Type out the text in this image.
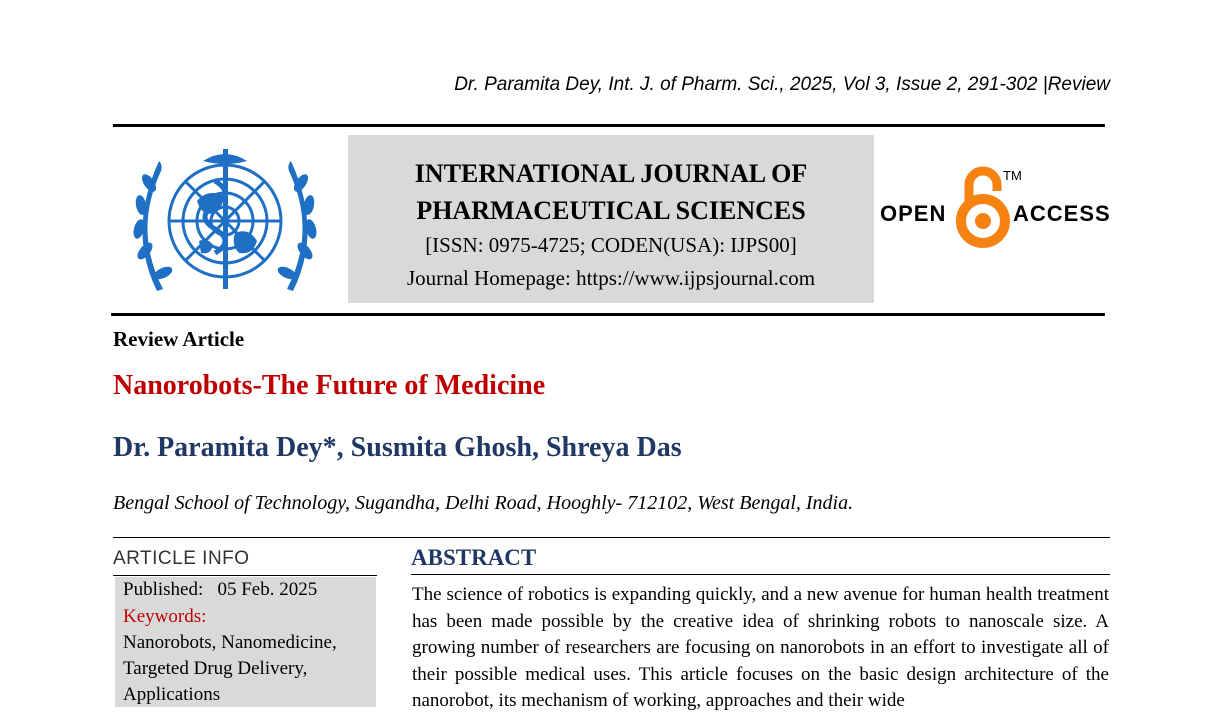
Dr. Paramita Dey, Int. J. of Pharm. Sci., 2025, Vol 3, Issue 2, 291-302 |Review
INTERNATIONAL JOURNAL OF
PHARMACEUTICAL SCIENCES
[ISSN: 0975-4725; CODEN(USA): IJPS00]
Journal Homepage: https://www.ijpsjournal.com
OPEN
TM
ACCESS
Review Article
Nanorobots-The Future of Medicine
Dr. Paramita Dey*, Susmita Ghosh, Shreya Das
Bengal School of Technology, Sugandha, Delhi Road, Hooghly- 712102, West Bengal, India.
ARTICLE INFO
Published: 05 Feb. 2025
Keywords:
Nanorobots, Nanomedicine,
Targeted Drug Delivery,
Applications
ABSTRACT
The science of robotics is expanding quickly, and a new avenue for human health treatment has been made possible by the creative idea of shrinking robots to nanoscale size. A growing number of researchers are focusing on nanorobots in an effort to investigate all of their possible medical uses. This article focuses on the basic design architecture of the nanorobot, its mechanism of working, approaches and their wide
